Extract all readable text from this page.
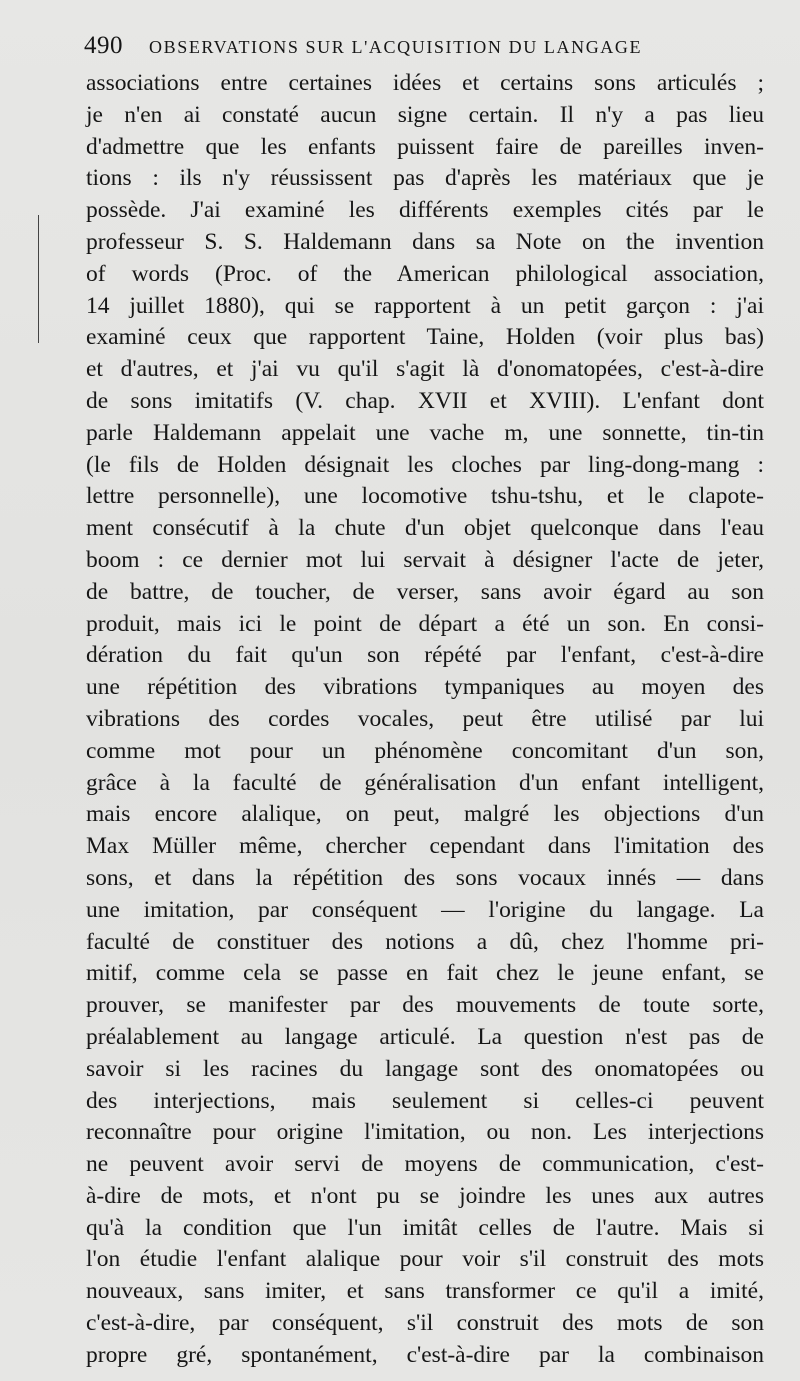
490 OBSERVATIONS SUR L'ACQUISITION DU LANGAGE
associations entre certaines idées et certains sons articulés ;
je n'en ai constaté aucun signe certain. Il n'y a pas lieu
d'admettre que les enfants puissent faire de pareilles inven-
tions : ils n'y réussissent pas d'après les matériaux que je
possède. J'ai examiné les différents exemples cités par le
professeur S. S. Haldemann dans sa Note on the invention
of words (Proc. of the American philological association,
14 juillet 1880), qui se rapportent à un petit garçon : j'ai
examiné ceux que rapportent Taine, Holden (voir plus bas)
et d'autres, et j'ai vu qu'il s'agit là d'onomatopées, c'est-à-dire
de sons imitatifs (V. chap. XVII et XVIII). L'enfant dont
parle Haldemann appelait une vache m, une sonnette, tin-tin
(le fils de Holden désignait les cloches par ling-dong-mang :
lettre personnelle), une locomotive tshu-tshu, et le clapote-
ment consécutif à la chute d'un objet quelconque dans l'eau
boom : ce dernier mot lui servait à désigner l'acte de jeter,
de battre, de toucher, de verser, sans avoir égard au son
produit, mais ici le point de départ a été un son. En consi-
dération du fait qu'un son répété par l'enfant, c'est-à-dire
une répétition des vibrations tympaniques au moyen des
vibrations des cordes vocales, peut être utilisé par lui
comme mot pour un phénomène concomitant d'un son,
grâce à la faculté de généralisation d'un enfant intelligent,
mais encore alalique, on peut, malgré les objections d'un
Max Müller même, chercher cependant dans l'imitation des
sons, et dans la répétition des sons vocaux innés — dans
une imitation, par conséquent — l'origine du langage. La
faculté de constituer des notions a dû, chez l'homme pri-
mitif, comme cela se passe en fait chez le jeune enfant, se
prouver, se manifester par des mouvements de toute sorte,
préalablement au langage articulé. La question n'est pas de
savoir si les racines du langage sont des onomatopées ou
des interjections, mais seulement si celles-ci peuvent
reconnaître pour origine l'imitation, ou non. Les interjections
ne peuvent avoir servi de moyens de communication, c'est-
à-dire de mots, et n'ont pu se joindre les unes aux autres
qu'à la condition que l'un imitât celles de l'autre. Mais si
l'on étudie l'enfant alalique pour voir s'il construit des mots
nouveaux, sans imiter, et sans transformer ce qu'il a imité,
c'est-à-dire, par conséquent, s'il construit des mots de son
propre gré, spontanément, c'est-à-dire par la combinaison
